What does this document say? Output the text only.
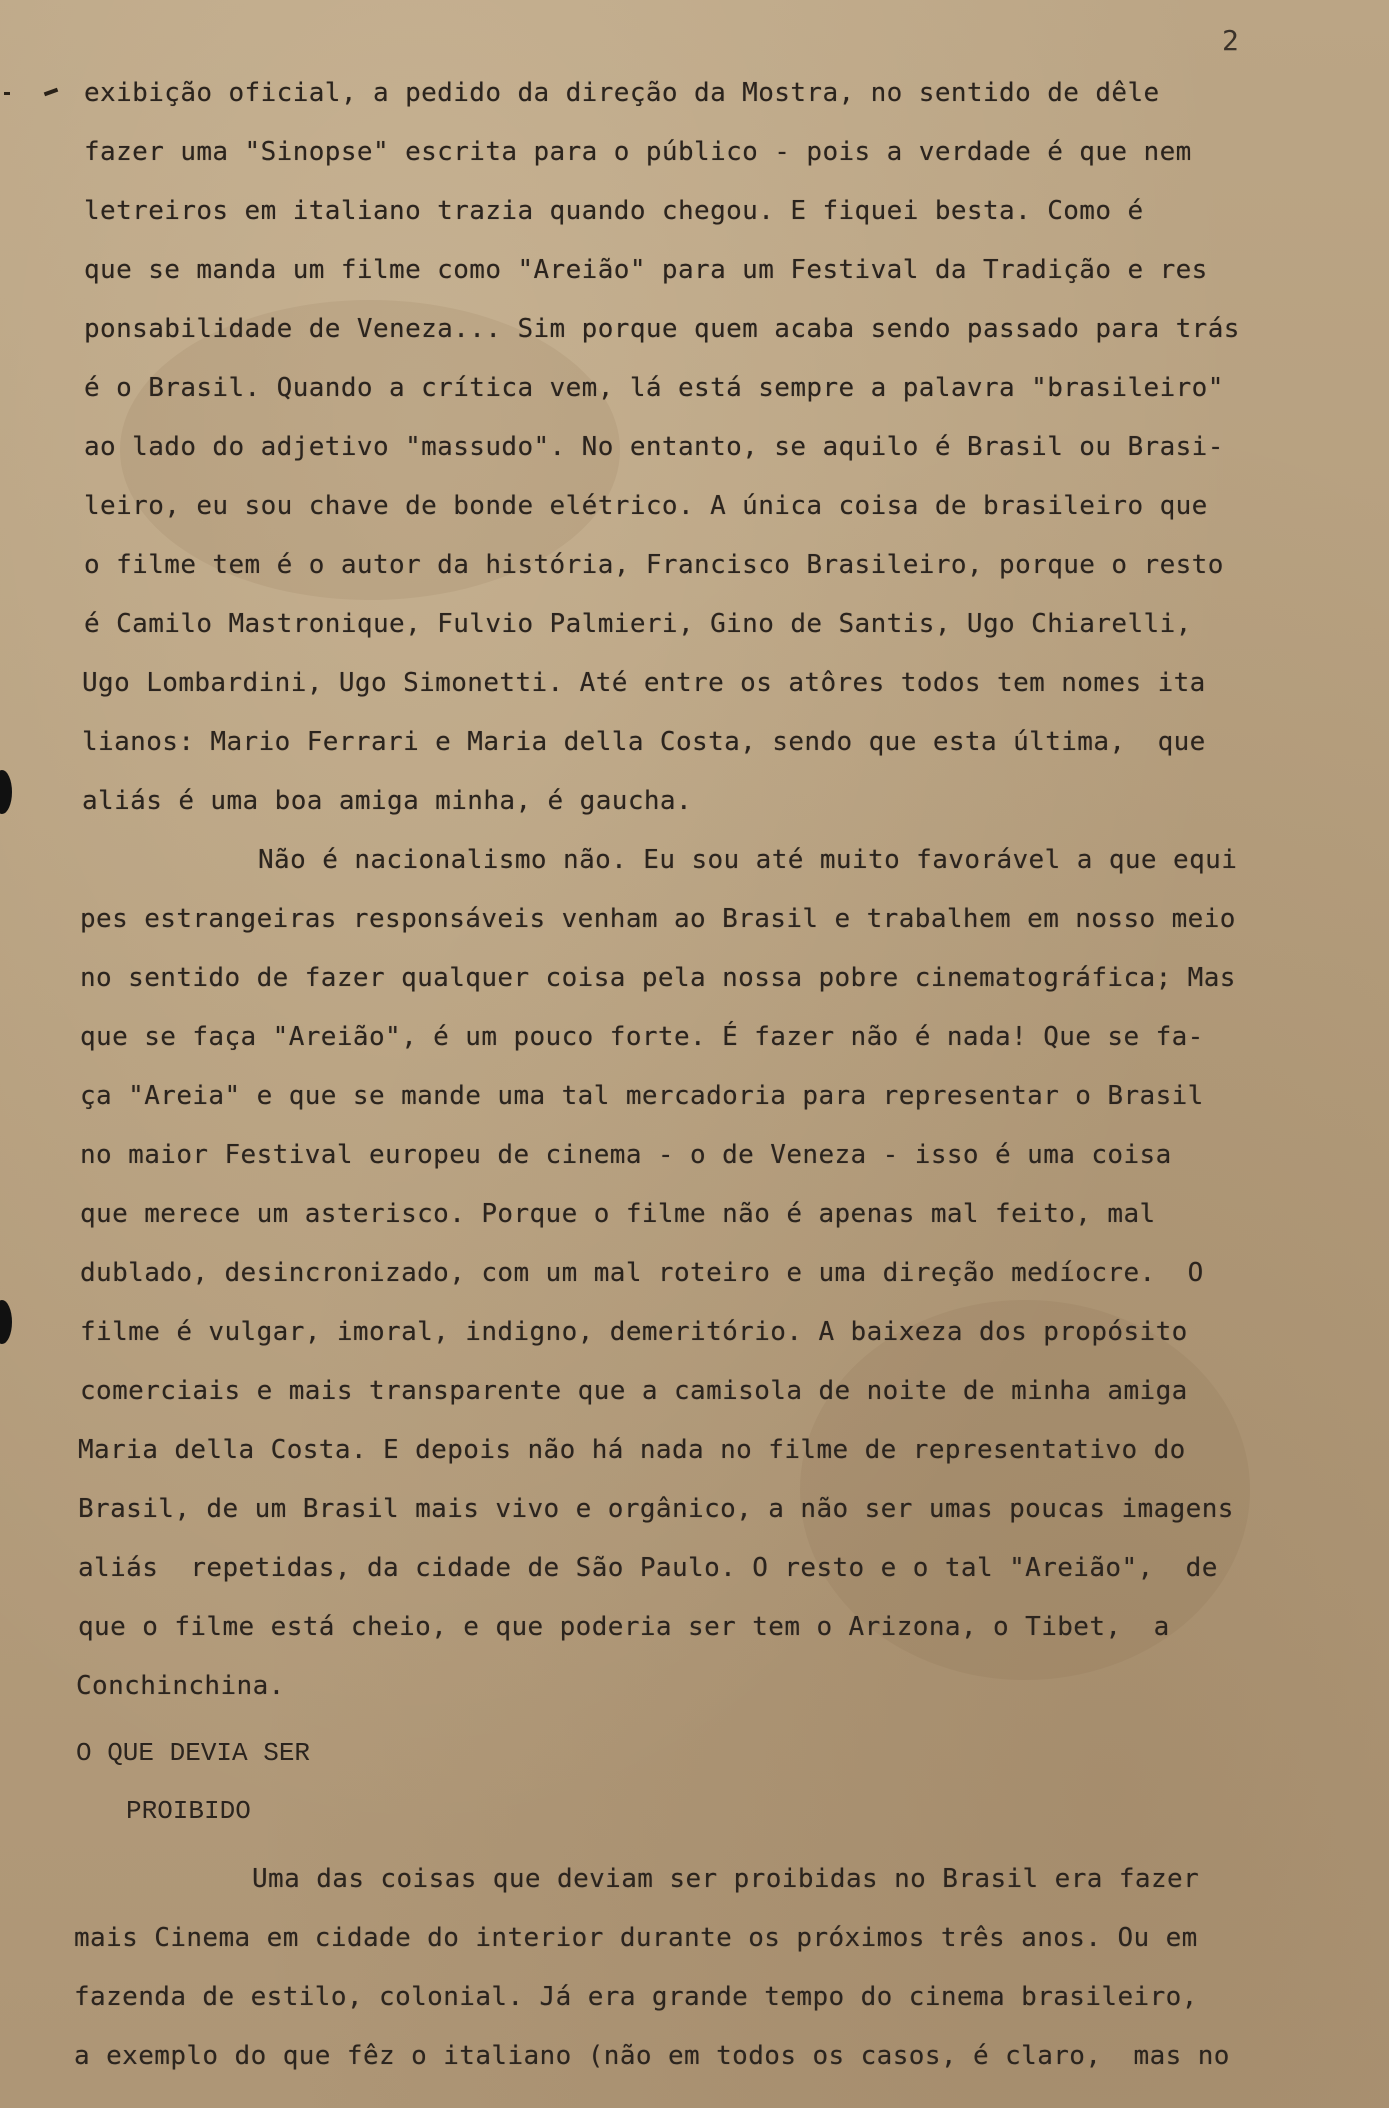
2
exibição oficial, a pedido da direção da Mostra, no sentido de dêle
fazer uma "Sinopse" escrita para o público - pois a verdade é que nem
letreiros em italiano trazia quando chegou. E fiquei besta. Como é
que se manda um filme como "Areião" para um Festival da Tradição e res
ponsabilidade de Veneza... Sim porque quem acaba sendo passado para trás
é o Brasil. Quando a crítica vem, lá está sempre a palavra "brasileiro"
ao lado do adjetivo "massudo". No entanto, se aquilo é Brasil ou Brasi-
leiro, eu sou chave de bonde elétrico. A única coisa de brasileiro que
o filme tem é o autor da história, Francisco Brasileiro, porque o resto
é Camilo Mastronique, Fulvio Palmieri, Gino de Santis, Ugo Chiarelli,
Ugo Lombardini, Ugo Simonetti. Até entre os atôres todos tem nomes ita
lianos: Mario Ferrari e Maria della Costa, sendo que esta última,  que
aliás é uma boa amiga minha, é gaucha.
Não é nacionalismo não. Eu sou até muito favorável a que equi
pes estrangeiras responsáveis venham ao Brasil e trabalhem em nosso meio
no sentido de fazer qualquer coisa pela nossa pobre cinematográfica; Mas
que se faça "Areião", é um pouco forte. É fazer não é nada! Que se fa-
ça "Areia" e que se mande uma tal mercadoria para representar o Brasil
no maior Festival europeu de cinema - o de Veneza - isso é uma coisa
que merece um asterisco. Porque o filme não é apenas mal feito, mal
dublado, desincronizado, com um mal roteiro e uma direção medíocre.  O
filme é vulgar, imoral, indigno, demeritório. A baixeza dos propósito
comerciais e mais transparente que a camisola de noite de minha amiga
Maria della Costa. E depois não há nada no filme de representativo do
Brasil, de um Brasil mais vivo e orgânico, a não ser umas poucas imagens
aliás  repetidas, da cidade de São Paulo. O resto e o tal "Areião",  de
que o filme está cheio, e que poderia ser tem o Arizona, o Tibet,  a
Conchinchina.
O QUE DEVIA SER
PROIBIDO
Uma das coisas que deviam ser proibidas no Brasil era fazer
mais Cinema em cidade do interior durante os próximos três anos. Ou em
fazenda de estilo, colonial. Já era grande tempo do cinema brasileiro,
a exemplo do que fêz o italiano (não em todos os casos, é claro,  mas no
